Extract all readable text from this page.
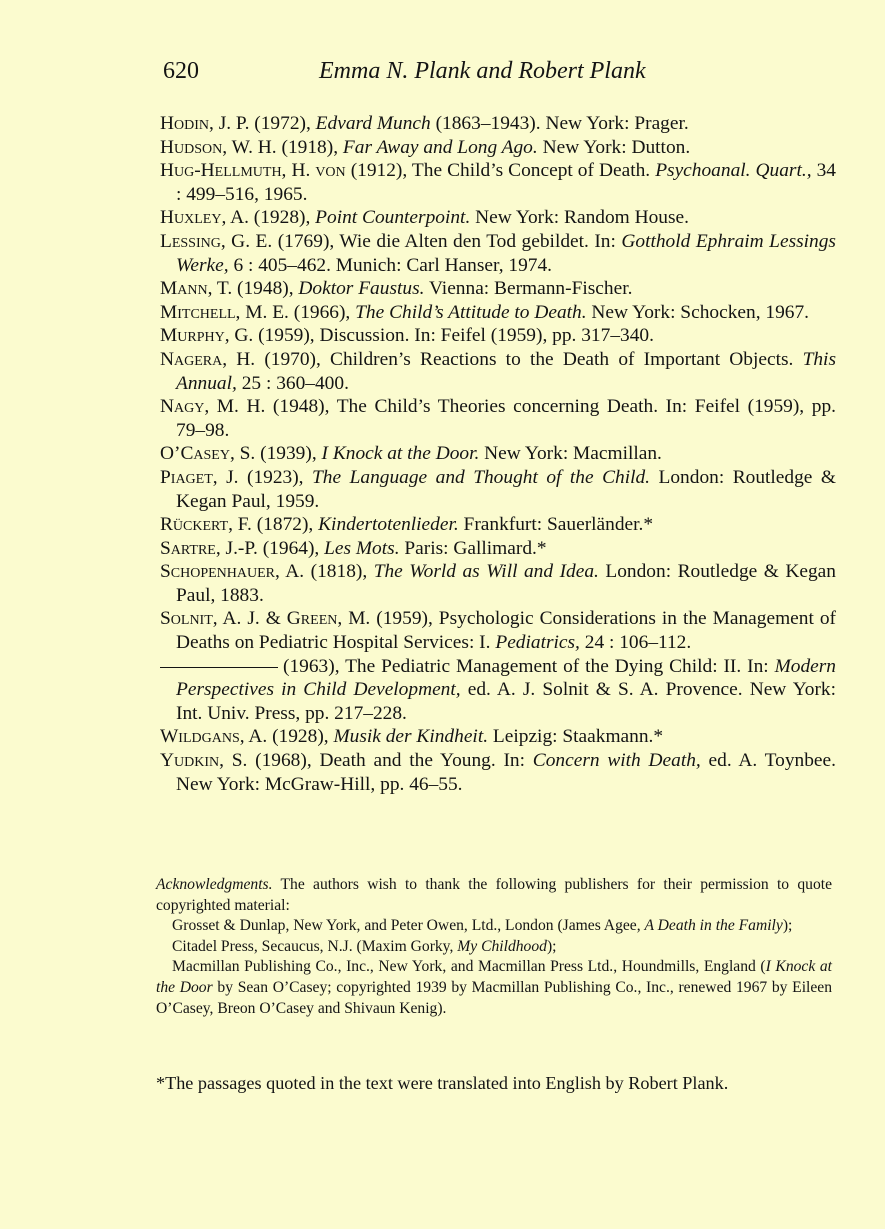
620	Emma N. Plank and Robert Plank

Hodin, J. P. (1972), Edvard Munch (1863–1943). New York: Prager.

Hudson, W. H. (1918), Far Away and Long Ago. New York: Dutton.

Hug-Hellmuth, H. von (1912), The Child’s Concept of Death. Psychoanal. Quart., 34 : 499–516, 1965.

Huxley, A. (1928), Point Counterpoint. New York: Random House.

Lessing, G. E. (1769), Wie die Alten den Tod gebildet. In: Gotthold Ephraim Lessings Werke, 6 : 405–462. Munich: Carl Hanser, 1974.

Mann, T. (1948), Doktor Faustus. Vienna: Bermann-Fischer.

Mitchell, M. E. (1966), The Child’s Attitude to Death. New York: Schocken, 1967.

Murphy, G. (1959), Discussion. In: Feifel (1959), pp. 317–340.

Nagera, H. (1970), Children’s Reactions to the Death of Important Objects. This Annual, 25 : 360–400.

Nagy, M. H. (1948), The Child’s Theories concerning Death. In: Feifel (1959), pp. 79–98.

O’Casey, S. (1939), I Knock at the Door. New York: Macmillan.

Piaget, J. (1923), The Language and Thought of the Child. London: Routledge & Kegan Paul, 1959.

Rückert, F. (1872), Kindertotenlieder. Frankfurt: Sauerländer.*

Sartre, J.-P. (1964), Les Mots. Paris: Gallimard.*

Schopenhauer, A. (1818), The World as Will and Idea. London: Routledge & Kegan Paul, 1883.

Solnit, A. J. & Green, M. (1959), Psychologic Considerations in the Management of Deaths on Pediatric Hospital Services: I. Pediatrics, 24 : 106–112.

(1963), The Pediatric Management of the Dying Child: II. In: Modern Perspectives in Child Development, ed. A. J. Solnit & S. A. Provence. New York: Int. Univ. Press, pp. 217–228.

Wildgans, A. (1928), Musik der Kindheit. Leipzig: Staakmann.*

Yudkin, S. (1968), Death and the Young. In: Concern with Death, ed. A. Toynbee. New York: McGraw-Hill, pp. 46–55.

Acknowledgments. The authors wish to thank the following publishers for their permission to quote copyrighted material:

Grosset & Dunlap, New York, and Peter Owen, Ltd., London (James Agee, A Death in the Family);

Citadel Press, Secaucus, N.J. (Maxim Gorky, My Childhood);

Macmillan Publishing Co., Inc., New York, and Macmillan Press Ltd., Houndmills, England (I Knock at the Door by Sean O’Casey; copyrighted 1939 by Macmillan Publishing Co., Inc., renewed 1967 by Eileen O’Casey, Breon O’Casey and Shivaun Kenig).

*The passages quoted in the text were translated into English by Robert Plank.
